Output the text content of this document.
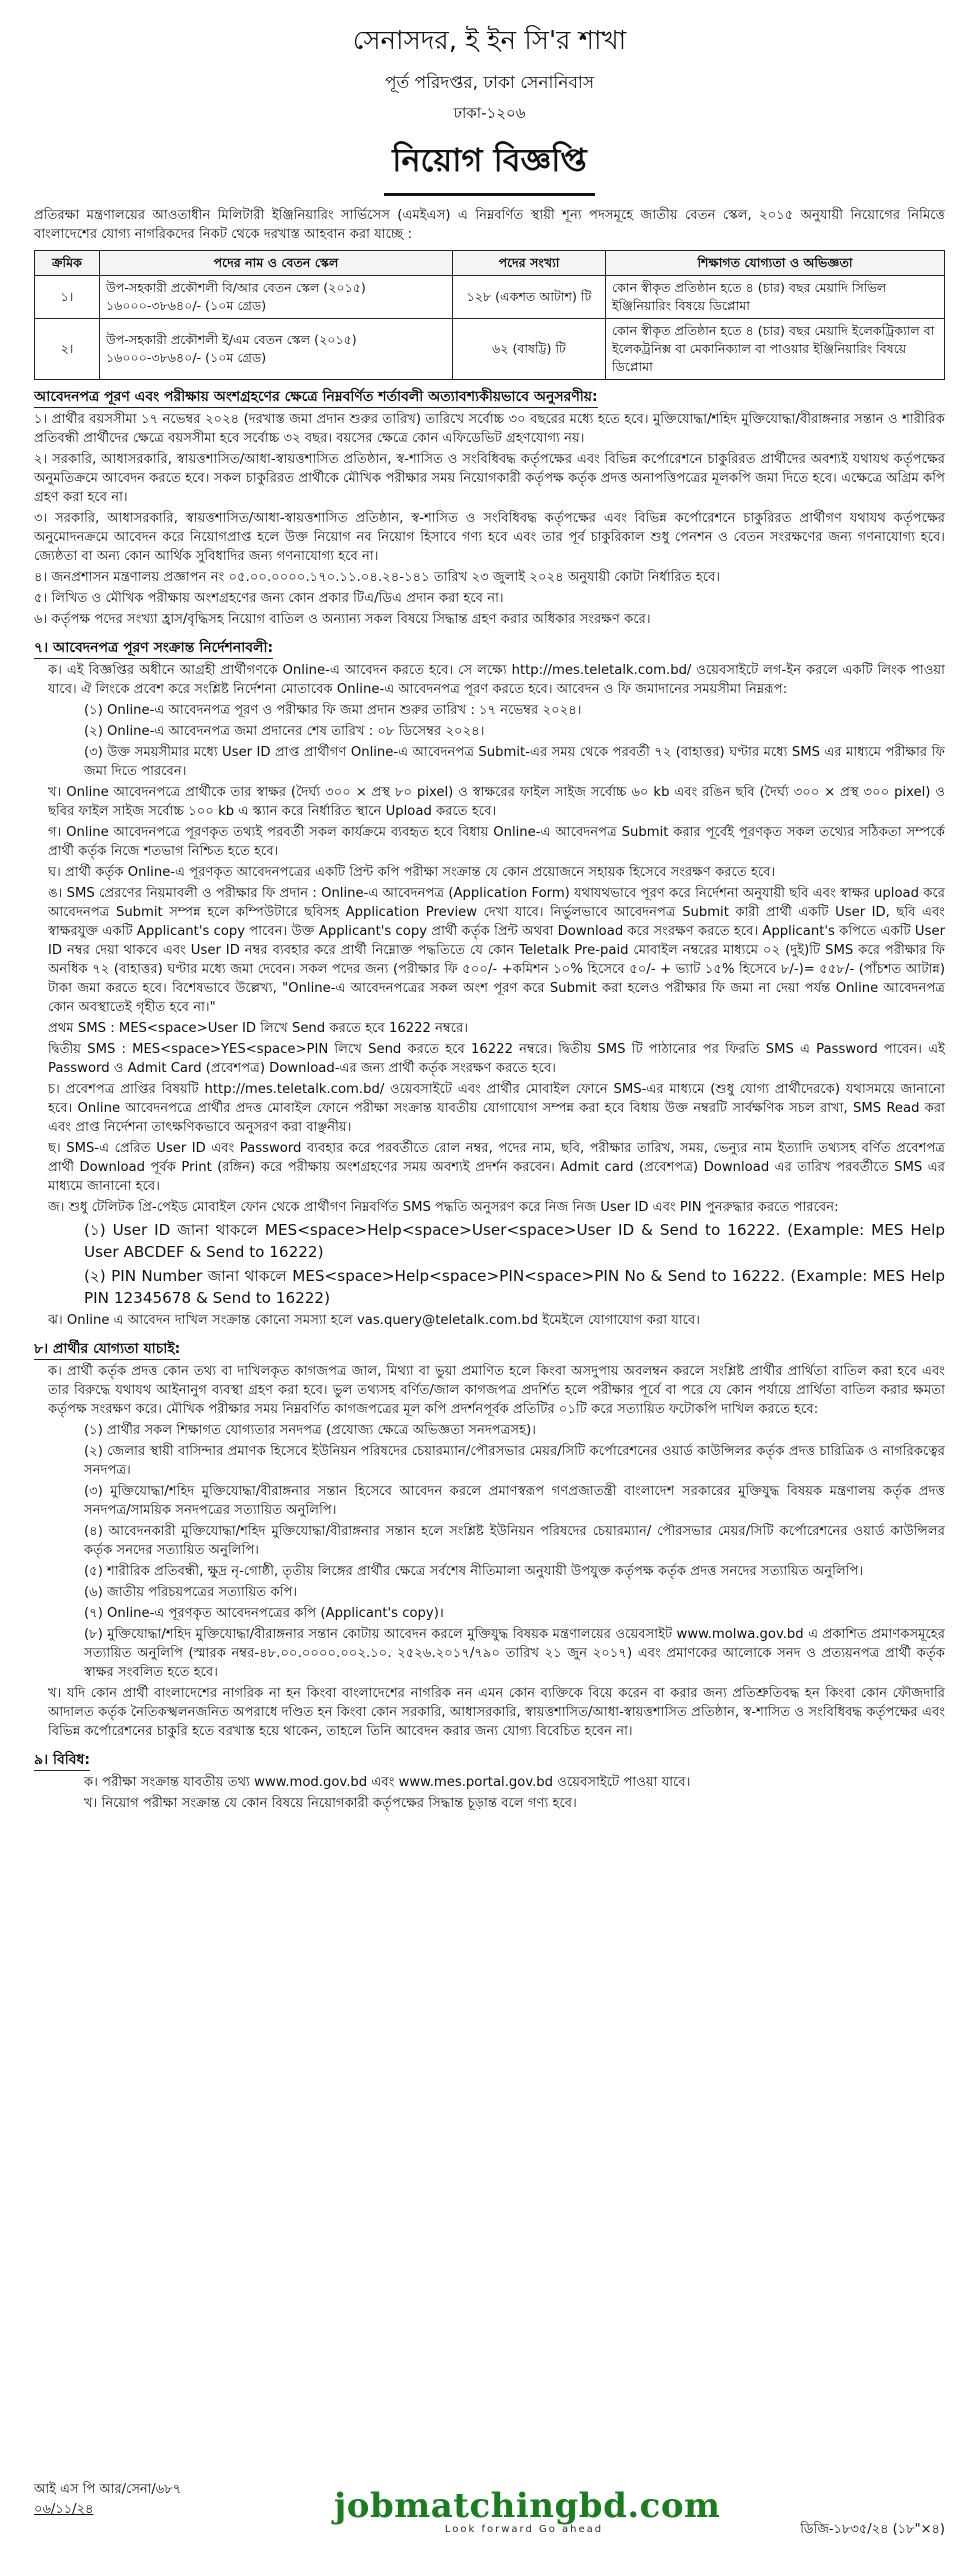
সেনাসদর, ই ইন সি'র শাখা
পূর্ত পরিদপ্তর, ঢাকা সেনানিবাস
ঢাকা-১২০৬
নিয়োগ বিজ্ঞপ্তি
প্রতিরক্ষা মন্ত্রণালয়ের আওতাধীন মিলিটারী ইঞ্জিনিয়ারিং সার্ভিসেস (এমইএস) এ নিম্নবর্ণিত স্থায়ী শূন্য পদসমূহে জাতীয় বেতন স্কেল, ২০১৫ অনুযায়ী নিয়োগের নিমিত্তে বাংলাদেশের যোগ্য নাগরিকদের নিকট থেকে দরখাস্ত আহবান করা যাচ্ছে :
ক্রমিক	পদের নাম ও বেতন স্কেল	পদের সংখ্যা	শিক্ষাগত যোগ্যতা ও অভিজ্ঞতা
১।	উপ-সহকারী প্রকৌশলী বি/আর বেতন স্কেল (২০১৫) ১৬০০০-৩৮৬৪০/- (১০ম গ্রেড)	১২৮ (একশত আটাশ) টি	কোন স্বীকৃত প্রতিষ্ঠান হতে ৪ (চার) বছর মেয়াদি সিভিল ইঞ্জিনিয়ারিং বিষয়ে ডিপ্লোমা
২।	উপ-সহকারী প্রকৌশলী ই/এম বেতন স্কেল (২০১৫) ১৬০০০-৩৮৬৪০/- (১০ম গ্রেড)	৬২ (বাষট্টি) টি	কোন স্বীকৃত প্রতিষ্ঠান হতে ৪ (চার) বছর মেয়াদি ইলেকট্রিক্যাল বা ইলেকট্রনিক্স বা মেকানিক্যাল বা পাওয়ার ইঞ্জিনিয়ারিং বিষয়ে ডিপ্লোমা
আবেদনপত্র পূরণ এবং পরীক্ষায় অংশগ্রহণের ক্ষেত্রে নিম্নবর্ণিত শর্তাবলী অত্যাবশ্যকীয়ভাবে অনুসরণীয়:
১। প্রার্থীর বয়সসীমা ১৭ নভেম্বর ২০২৪ (দরখাস্ত জমা প্রদান শুরুর তারিখ) তারিখে সর্বোচ্চ ৩০ বছরের মধ্যে হতে হবে। মুক্তিযোদ্ধা/শহিদ মুক্তিযোদ্ধা/বীরাঙ্গনার সন্তান ও শারীরিক প্রতিবন্ধী প্রার্থীদের ক্ষেত্রে বয়সসীমা হবে সর্বোচ্চ ৩২ বছর। বয়সের ক্ষেত্রে কোন এফিডেভিট গ্রহণযোগ্য নয়।
২। সরকারি, আধাসরকারি, স্বায়ত্তশাসিত/আধা-স্বায়ত্তশাসিত প্রতিষ্ঠান, স্ব-শাসিত ও সংবিধিবদ্ধ কর্তৃপক্ষের এবং বিভিন্ন কর্পোরেশনে চাকুরিরত প্রার্থীদের অবশ্যই যথাযথ কর্তৃপক্ষের অনুমতিক্রমে আবেদন করতে হবে। সকল চাকুরিরত প্রার্থীকে মৌখিক পরীক্ষার সময় নিয়োগকারী কর্তৃপক্ষ কর্তৃক প্রদত্ত অনাপত্তিপত্রের মূলকপি জমা দিতে হবে। এক্ষেত্রে অগ্রিম কপি গ্রহণ করা হবে না।
৩। সরকারি, আধাসরকারি, স্বায়ত্তশাসিত/আধা-স্বায়ত্তশাসিত প্রতিষ্ঠান, স্ব-শাসিত ও সংবিধিবদ্ধ কর্তৃপক্ষের এবং বিভিন্ন কর্পোরেশনে চাকুরিরত প্রার্থীগণ যথাযথ কর্তৃপক্ষের অনুমোদনক্রমে আবেদন করে নিয়োগপ্রাপ্ত হলে উক্ত নিয়োগ নব নিয়োগ হিসাবে গণ্য হবে এবং তার পূর্ব চাকুরিকাল শুধু পেনশন ও বেতন সংরক্ষণের জন্য গণনাযোগ্য হবে। জ্যেষ্ঠতা বা অন্য কোন আর্থিক সুবিধাদির জন্য গণনাযোগ্য হবে না।
৪। জনপ্রশাসন মন্ত্রণালয় প্রজ্ঞাপন নং ০৫.০০.০০০০.১৭০.১১.০৪.২৪-১৪১ তারিখ ২৩ জুলাই ২০২৪ অনুযায়ী কোটা নির্ধারিত হবে।
৫। লিখিত ও মৌখিক পরীক্ষায় অংশগ্রহণের জন্য কোন প্রকার টিএ/ডিএ প্রদান করা হবে না।
৬। কর্তৃপক্ষ পদের সংখ্যা হ্রাস/বৃদ্ধিসহ নিয়োগ বাতিল ও অন্যান্য সকল বিষয়ে সিদ্ধান্ত গ্রহণ করার অধিকার সংরক্ষণ করে।
৭। আবেদনপত্র পূরণ সংক্রান্ত নির্দেশনাবলী:
ক। এই বিজ্ঞপ্তির অধীনে আগ্রহী প্রার্থীগণকে Online-এ আবেদন করতে হবে। সে লক্ষ্যে http://mes.teletalk.com.bd/ ওয়েবসাইটে লগ-ইন করলে একটি লিংক পাওয়া যাবে। ঐ লিংকে প্রবেশ করে সংশ্লিষ্ট নির্দেশনা মোতাবেক Online-এ আবেদনপত্র পূরণ করতে হবে। আবেদন ও ফি জমাদানের সময়সীমা নিম্নরূপ:
(১) Online-এ আবেদনপত্র পূরণ ও পরীক্ষার ফি জমা প্রদান শুরুর তারিখ : ১৭ নভেম্বর ২০২৪।
(২) Online-এ আবেদনপত্র জমা প্রদানের শেষ তারিখ : ০৮ ডিসেম্বর ২০২৪।
(৩) উক্ত সময়সীমার মধ্যে User ID প্রাপ্ত প্রার্থীগণ Online-এ আবেদনপত্র Submit-এর সময় থেকে পরবর্তী ৭২ (বাহাত্তর) ঘণ্টার মধ্যে SMS এর মাধ্যমে পরীক্ষার ফি জমা দিতে পারবেন।
খ। Online আবেদনপত্রে প্রার্থীকে তার স্বাক্ষর (দৈর্ঘ্য ৩০০ × প্রস্থ ৮০ pixel) ও স্বাক্ষরের ফাইল সাইজ সর্বোচ্চ ৬০ kb এবং রঙিন ছবি (দৈর্ঘ্য ৩০০ × প্রস্থ ৩০০ pixel) ও ছবির ফাইল সাইজ সর্বোচ্চ ১০০ kb এ স্ক্যান করে নির্ধারিত স্থানে Upload করতে হবে।
গ। Online আবেদনপত্রে পূরণকৃত তথ্যই পরবর্তী সকল কার্যক্রমে ব্যবহৃত হবে বিধায় Online-এ আবেদনপত্র Submit করার পূর্বেই পূরণকৃত সকল তথ্যের সঠিকতা সম্পর্কে প্রার্থী কর্তৃক নিজে শতভাগ নিশ্চিত হতে হবে।
ঘ। প্রার্থী কর্তৃক Online-এ পূরণকৃত আবেদনপত্রের একটি প্রিন্ট কপি পরীক্ষা সংক্রান্ত যে কোন প্রয়োজনে সহায়ক হিসেবে সংরক্ষণ করতে হবে।
ঙ। SMS প্রেরণের নিয়মাবলী ও পরীক্ষার ফি প্রদান : Online-এ আবেদনপত্র (Application Form) যথাযথভাবে পূরণ করে নির্দেশনা অনুযায়ী ছবি এবং স্বাক্ষর upload করে আবেদনপত্র Submit সম্পন্ন হলে কম্পিউটারে ছবিসহ Application Preview দেখা যাবে। নির্ভুলভাবে আবেদনপত্র Submit কারী প্রার্থী একটি User ID, ছবি এবং স্বাক্ষরযুক্ত একটি Applicant's copy পাবেন। উক্ত Applicant's copy প্রার্থী কর্তৃক প্রিন্ট অথবা Download করে সংরক্ষণ করতে হবে। Applicant's কপিতে একটি User ID নম্বর দেয়া থাকবে এবং User ID নম্বর ব্যবহার করে প্রার্থী নিম্নোক্ত পদ্ধতিতে যে কোন Teletalk Pre-paid মোবাইল নম্বরের মাধ্যমে ০২ (দুই)টি SMS করে পরীক্ষার ফি অনধিক ৭২ (বাহাত্তর) ঘণ্টার মধ্যে জমা দেবেন। সকল পদের জন্য (পরীক্ষার ফি ৫০০/- +কমিশন ১০% হিসেবে ৫০/- + ভ্যাট ১৫% হিসেবে ৮/-)= ৫৫৮/- (পাঁচশত আটান্ন) টাকা জমা করতে হবে। বিশেষভাবে উল্লেখ্য, "Online-এ আবেদনপত্রের সকল অংশ পূরণ করে Submit করা হলেও পরীক্ষার ফি জমা না দেয়া পর্যন্ত Online আবেদনপত্র কোন অবস্থাতেই গৃহীত হবে না।"
প্রথম SMS : MES<space>User ID লিখে Send করতে হবে 16222 নম্বরে।
দ্বিতীয় SMS : MES<space>YES<space>PIN লিখে Send করতে হবে 16222 নম্বরে। দ্বিতীয় SMS টি পাঠানোর পর ফিরতি SMS এ Password পাবেন। এই Password ও Admit Card (প্রবেশপত্র) Download-এর জন্য প্রার্থী কর্তৃক সংরক্ষণ করতে হবে।
চ। প্রবেশপত্র প্রাপ্তির বিষয়টি http://mes.teletalk.com.bd/ ওয়েবসাইটে এবং প্রার্থীর মোবাইল ফোনে SMS-এর মাধ্যমে (শুধু যোগ্য প্রার্থীদেরকে) যথাসময়ে জানানো হবে। Online আবেদনপত্রে প্রার্থীর প্রদত্ত মোবাইল ফোনে পরীক্ষা সংক্রান্ত যাবতীয় যোগাযোগ সম্পন্ন করা হবে বিধায় উক্ত নম্বরটি সার্বক্ষণিক সচল রাখা, SMS Read করা এবং প্রাপ্ত নির্দেশনা তাৎক্ষণিকভাবে অনুসরণ করা বাঞ্ছনীয়।
ছ। SMS-এ প্রেরিত User ID এবং Password ব্যবহার করে পরবর্তীতে রোল নম্বর, পদের নাম, ছবি, পরীক্ষার তারিখ, সময়, ভেন্যুর নাম ইত্যাদি তথ্যসহ বর্ণিত প্রবেশপত্র প্রার্থী Download পূর্বক Print (রঙ্গিন) করে পরীক্ষায় অংশগ্রহণের সময় অবশ্যই প্রদর্শন করবেন। Admit card (প্রবেশপত্র) Download এর তারিখ পরবর্তীতে SMS এর মাধ্যমে জানানো হবে।
জ। শুধু টেলিটক প্রি-পেইড মোবাইল ফোন থেকে প্রার্থীগণ নিম্নবর্ণিত SMS পদ্ধতি অনুসরণ করে নিজ নিজ User ID এবং PIN পুনরুদ্ধার করতে পারবেন:
(১) User ID জানা থাকলে MES<space>Help<space>User<space>User ID & Send to 16222. (Example: MES Help User ABCDEF & Send to 16222)
(২) PIN Number জানা থাকলে MES<space>Help<space>PIN<space>PIN No & Send to 16222. (Example: MES Help PIN 12345678 & Send to 16222)
ঝ। Online এ আবেদন দাখিল সংক্রান্ত কোনো সমস্যা হলে vas.query@teletalk.com.bd ইমেইলে যোগাযোগ করা যাবে।
৮। প্রার্থীর যোগ্যতা যাচাই:
ক। প্রার্থী কর্তৃক প্রদত্ত কোন তথ্য বা দাখিলকৃত কাগজপত্র জাল, মিথ্যা বা ভুয়া প্রমাণিত হলে কিংবা অসদুপায় অবলম্বন করলে সংশ্লিষ্ট প্রার্থীর প্রার্থিতা বাতিল করা হবে এবং তার বিরুদ্ধে যথাযথ আইনানুগ ব্যবস্থা গ্রহণ করা হবে। ভুল তথ্যসহ বর্ণিত/জাল কাগজপত্র প্রদর্শিত হলে পরীক্ষার পূর্বে বা পরে যে কোন পর্যায়ে প্রার্থিতা বাতিল করার ক্ষমতা কর্তৃপক্ষ সংরক্ষণ করে। মৌখিক পরীক্ষার সময় নিম্নবর্ণিত কাগজপত্রের মূল কপি প্রদর্শনপূর্বক প্রতিটির ০১টি করে সত্যায়িত ফটোকপি দাখিল করতে হবে:
(১) প্রার্থীর সকল শিক্ষাগত যোগ্যতার সনদপত্র (প্রযোজ্য ক্ষেত্রে অভিজ্ঞতা সনদপত্রসহ)।
(২) জেলার স্থায়ী বাসিন্দার প্রমাণক হিসেবে ইউনিয়ন পরিষদের চেয়ারম্যান/পৌরসভার মেয়র/সিটি কর্পোরেশনের ওয়ার্ড কাউন্সিলর কর্তৃক প্রদত্ত চারিত্রিক ও নাগরিকত্বের সনদপত্র।
(৩) মুক্তিযোদ্ধা/শহিদ মুক্তিযোদ্ধা/বীরাঙ্গনার সন্তান হিসেবে আবেদন করলে প্রমাণস্বরূপ গণপ্রজাতন্ত্রী বাংলাদেশ সরকারের মুক্তিযুদ্ধ বিষয়ক মন্ত্রণালয় কর্তৃক প্রদত্ত সনদপত্র/সাময়িক সনদপত্রের সত্যায়িত অনুলিপি।
(৪) আবেদনকারী মুক্তিযোদ্ধা/শহিদ মুক্তিযোদ্ধা/বীরাঙ্গনার সন্তান হলে সংশ্লিষ্ট ইউনিয়ন পরিষদের চেয়ারম্যান/ পৌরসভার মেয়র/সিটি কর্পোরেশনের ওয়ার্ড কাউন্সিলর কর্তৃক সনদের সত্যায়িত অনুলিপি।
(৫) শারীরিক প্রতিবন্ধী, ক্ষুদ্র নৃ-গোষ্ঠী, তৃতীয় লিঙ্গের প্রার্থীর ক্ষেত্রে সর্বশেষ নীতিমালা অনুযায়ী উপযুক্ত কর্তৃপক্ষ কর্তৃক প্রদত্ত সনদের সত্যায়িত অনুলিপি।
(৬) জাতীয় পরিচয়পত্রের সত্যায়িত কপি।
(৭) Online-এ পূরণকৃত আবেদনপত্রের কপি (Applicant's copy)।
(৮) মুক্তিযোদ্ধা/শহিদ মুক্তিযোদ্ধা/বীরাঙ্গনার সন্তান কোটায় আবেদন করলে মুক্তিযুদ্ধ বিষয়ক মন্ত্রণালয়ের ওয়েবসাইট www.molwa.gov.bd এ প্রকাশিত প্রমাণকসমূহের সত্যায়িত অনুলিপি (স্মারক নম্বর-৪৮.০০.০০০০.০০২.১০. ২৫২৬.২০১৭/৭৯০ তারিখ ২১ জুন ২০১৭) এবং প্রমাণকের আলোকে সনদ ও প্রত্যয়নপত্র প্রার্থী কর্তৃক স্বাক্ষর সংবলিত হতে হবে।
খ। যদি কোন প্রার্থী বাংলাদেশের নাগরিক না হন কিংবা বাংলাদেশের নাগরিক নন এমন কোন ব্যক্তিকে বিয়ে করেন বা করার জন্য প্রতিশ্রুতিবদ্ধ হন কিংবা কোন ফৌজদারি আদালত কর্তৃক নৈতিকস্খলনজনিত অপরাধে দণ্ডিত হন কিংবা কোন সরকারি, আধাসরকারি, স্বায়ত্তশাসিত/আধা-স্বায়ত্তশাসিত প্রতিষ্ঠান, স্ব-শাসিত ও সংবিধিবদ্ধ কর্তৃপক্ষের এবং বিভিন্ন কর্পোরেশনের চাকুরি হতে বরখাস্ত হয়ে থাকেন, তাহলে তিনি আবেদন করার জন্য যোগ্য বিবেচিত হবেন না।
৯। বিবিধ:
ক। পরীক্ষা সংক্রান্ত যাবতীয় তথ্য www.mod.gov.bd এবং www.mes.portal.gov.bd ওয়েবসাইটে পাওয়া যাবে।
খ। নিয়োগ পরীক্ষা সংক্রান্ত যে কোন বিষয়ে নিয়োগকারী কর্তৃপক্ষের সিদ্ধান্ত চূড়ান্ত বলে গণ্য হবে।
আই এস পি আর/সেনা/৬৮৭
০৬/১১/২৪	jobmatchingbd.com
Look forward Go ahead	ডিজি-১৮৩৫/২৪ (১৮"×৪)
